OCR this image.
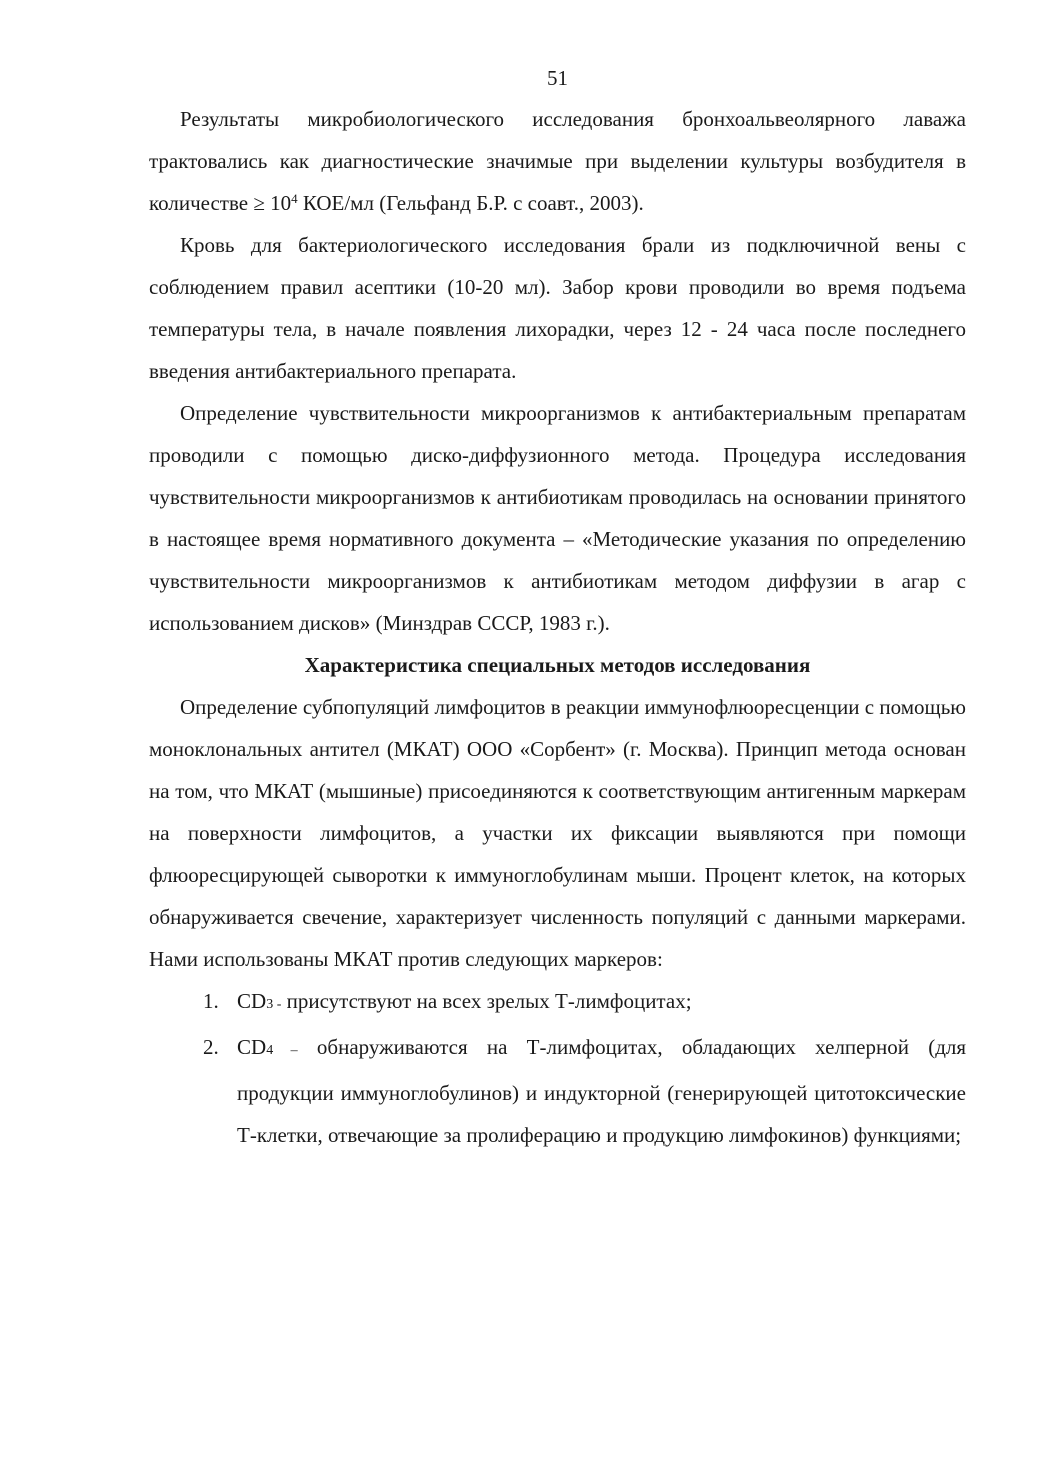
51

Результаты микробиологического исследования бронхоальвеолярного лаважа трактовались как диагностические значимые при выделении культуры возбудителя в количестве ≥ $10^4$ КОЕ/мл (Гельфанд Б.Р. с соавт., 2003).

Кровь для бактериологического исследования брали из подключичной вены с соблюдением правил асептики (10-20 мл). Забор крови проводили во время подъема температуры тела, в начале появления лихорадки, через 12 - 24 часа после последнего введения антибактериального препарата.

Определение чувствительности микроорганизмов к антибактериальным препаратам проводили с помощью диско-диффузионного метода. Процедура исследования чувствительности микроорганизмов к антибиотикам проводилась на основании принятого в настоящее время нормативного документа – «Методические указания по определению чувствительности микроорганизмов к антибиотикам методом диффузии в агар с использованием дисков» (Минздрав СССР, 1983 г.).

Характеристика специальных методов исследования

Определение субпопуляций лимфоцитов в реакции иммунофлюоресценции с помощью моноклональных антител (МКАТ) ООО «Сорбент» (г. Москва). Принцип метода основан на том, что МКАТ (мышиные) присоединяются к соответствующим антигенным маркерам на поверхности лимфоцитов, а участки их фиксации выявляются при помощи флюоресцирующей сыворотки к иммуноглобулинам мыши. Процент клеток, на которых обнаруживается свечение, характеризует численность популяций с данными маркерами. Нами использованы МКАТ против следующих маркеров:

1. CD3 - присутствуют на всех зрелых Т-лимфоцитах;
2. CD4 – обнаруживаются на Т-лимфоцитах, обладающих хелперной (для продукции иммуноглобулинов) и индукторной (генерирующей цитотоксические Т-клетки, отвечающие за пролиферацию и продукцию лимфокинов) функциями;
